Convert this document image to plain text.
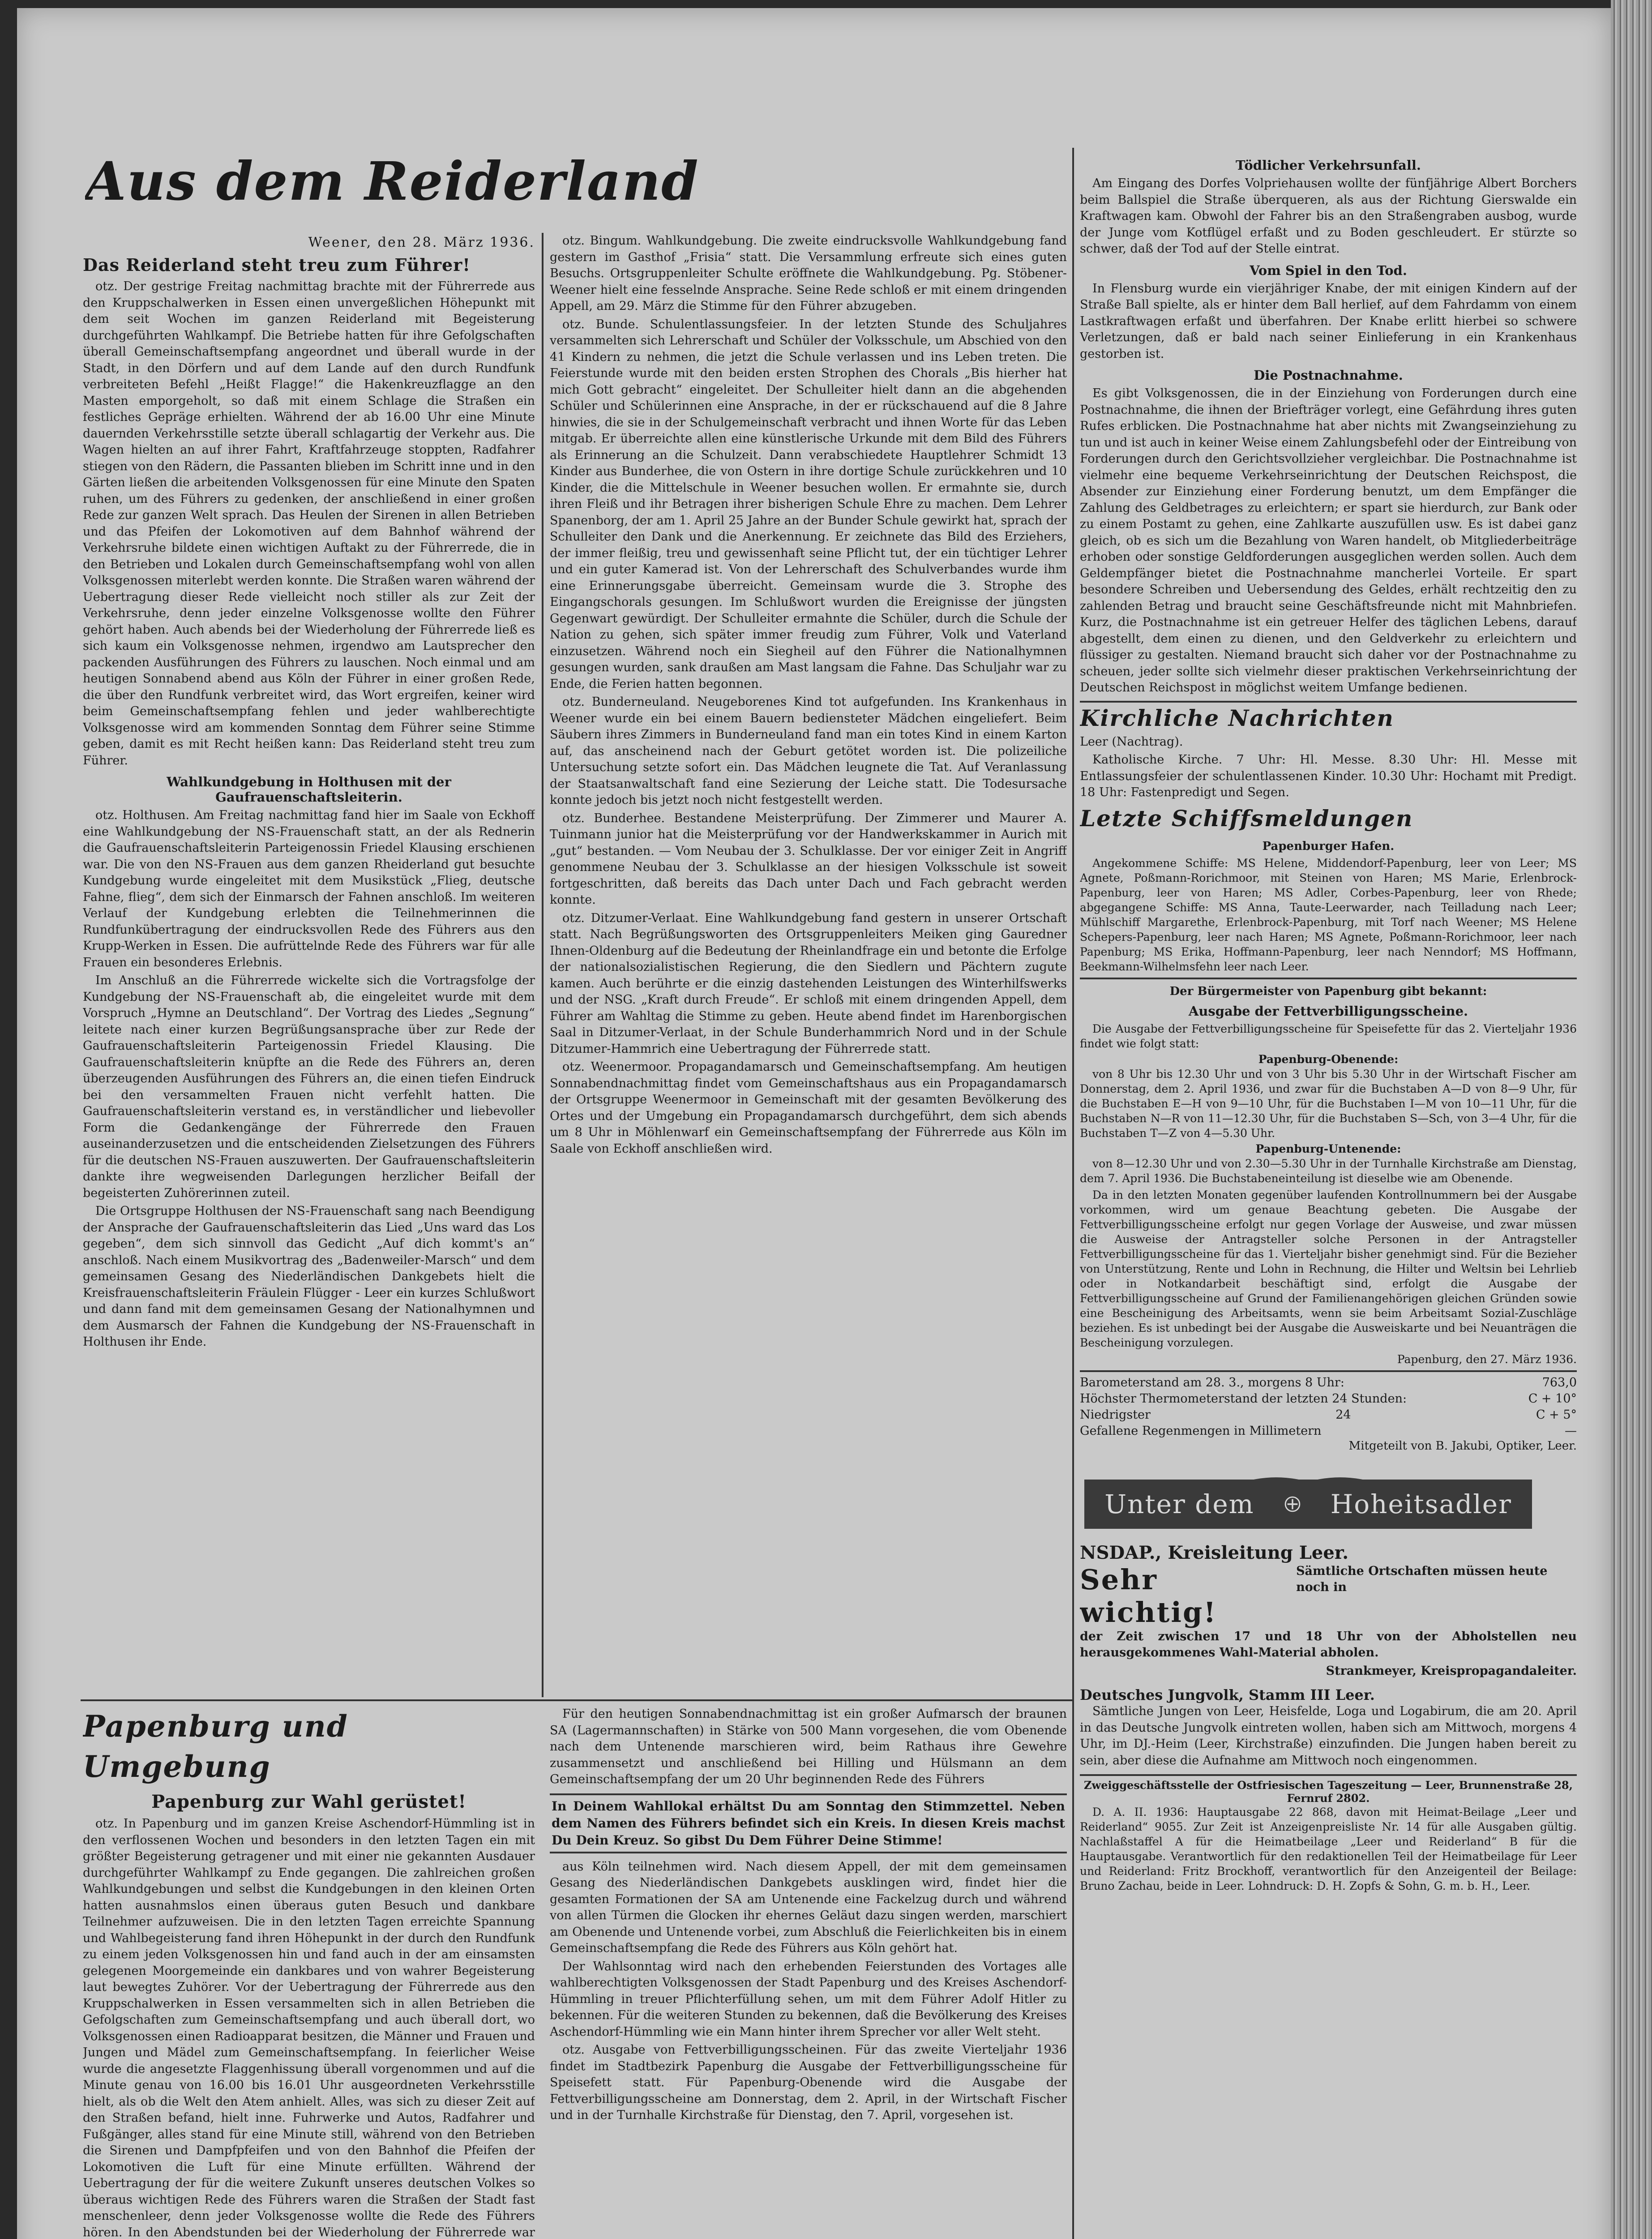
Aus dem Reiderland
Weener, den 28. März 1936.
Das Reiderland steht treu zum Führer!

otz. Der gestrige Freitag nachmittag brachte mit der Führerrede aus den Kruppschalwerken in Essen einen unvergeßlichen Höhepunkt mit dem seit Wochen im ganzen Reiderland mit Begeisterung durchgeführten Wahlkampf. Die Betriebe hatten für ihre Gefolgschaften überall Gemeinschaftsempfang angeordnet und überall wurde in der Stadt, in den Dörfern und auf dem Lande auf den durch Rundfunk verbreiteten Befehl „Heißt Flagge!“ die Hakenkreuzflagge an den Masten emporgeholt, so daß mit einem Schlage die Straßen ein festliches Gepräge erhielten. Während der ab 16.00 Uhr eine Minute dauernden Verkehrsstille setzte überall schlagartig der Verkehr aus. Die Wagen hielten an auf ihrer Fahrt, Kraftfahrzeuge stoppten, Radfahrer stiegen von den Rädern, die Passanten blieben im Schritt inne und in den Gärten ließen die arbeitenden Volksgenossen für eine Minute den Spaten ruhen, um des Führers zu gedenken, der anschließend in einer großen Rede zur ganzen Welt sprach. Das Heulen der Sirenen in allen Betrieben und das Pfeifen der Lokomotiven auf dem Bahnhof während der Verkehrsruhe bildete einen wichtigen Auftakt zu der Führerrede, die in den Betrieben und Lokalen durch Gemeinschaftsempfang wohl von allen Volksgenossen miterlebt werden konnte. Die Straßen waren während der Uebertragung dieser Rede vielleicht noch stiller als zur Zeit der Verkehrsruhe, denn jeder einzelne Volksgenosse wollte den Führer gehört haben. Auch abends bei der Wiederholung der Führerrede ließ es sich kaum ein Volksgenosse nehmen, irgendwo am Lautsprecher den packenden Ausführungen des Führers zu lauschen. Noch einmal und am heutigen Sonnabend abend aus Köln der Führer in einer großen Rede, die über den Rundfunk verbreitet wird, das Wort ergreifen, keiner wird beim Gemeinschaftsempfang fehlen und jeder wahlberechtigte Volksgenosse wird am kommenden Sonntag dem Führer seine Stimme geben, damit es mit Recht heißen kann: Das Reiderland steht treu zum Führer.

Wahlkundgebung in Holthusen mit der Gaufrauenschaftsleiterin.

otz. Holthusen. Am Freitag nachmittag fand hier im Saale von Eckhoff eine Wahlkundgebung der NS-Frauenschaft statt, an der als Rednerin die Gaufrauenschaftsleiterin Parteigenossin Friedel Klausing erschienen war. Die von den NS-Frauen aus dem ganzen Rheiderland gut besuchte Kundgebung wurde eingeleitet mit dem Musikstück „Flieg, deutsche Fahne, flieg“, dem sich der Einmarsch der Fahnen anschloß. Im weiteren Verlauf der Kundgebung erlebten die Teilnehmerinnen die Rundfunkübertragung der eindrucksvollen Rede des Führers aus den Krupp-Werken in Essen. Die aufrüttelnde Rede des Führers war für alle Frauen ein besonderes Erlebnis.

Im Anschluß an die Führerrede wickelte sich die Vortragsfolge der Kundgebung der NS-Frauenschaft ab, die eingeleitet wurde mit dem Vorspruch „Hymne an Deutschland“. Der Vortrag des Liedes „Segnung“ leitete nach einer kurzen Begrüßungsansprache über zur Rede der Gaufrauenschaftsleiterin Parteigenossin Friedel Klausing. Die Gaufrauenschaftsleiterin knüpfte an die Rede des Führers an, deren überzeugenden Ausführungen des Führers an, die einen tiefen Eindruck bei den versammelten Frauen nicht verfehlt hatten. Die Gaufrauenschaftsleiterin verstand es, in verständlicher und liebevoller Form die Gedankengänge der Führerrede den Frauen auseinanderzusetzen und die entscheidenden Zielsetzungen des Führers für die deutschen NS-Frauen auszuwerten. Der Gaufrauenschaftsleiterin dankte ihre wegweisenden Darlegungen herzlicher Beifall der begeisterten Zuhörerinnen zuteil.

Die Ortsgruppe Holthusen der NS-Frauenschaft sang nach Beendigung der Ansprache der Gaufrauenschaftsleiterin das Lied „Uns ward das Los gegeben“, dem sich sinnvoll das Gedicht „Auf dich kommt's an“ anschloß. Nach einem Musikvortrag des „Badenweiler-Marsch“ und dem gemeinsamen Gesang des Niederländischen Dankgebets hielt die Kreisfrauenschaftsleiterin Fräulein Flügger - Leer ein kurzes Schlußwort und dann fand mit dem gemeinsamen Gesang der Nationalhymnen und dem Ausmarsch der Fahnen die Kundgebung der NS-Frauenschaft in Holthusen ihr Ende.

otz. Bingum. Wahlkundgebung. Die zweite eindrucksvolle Wahlkundgebung fand gestern im Gasthof „Frisia“ statt. Die Versammlung erfreute sich eines guten Besuchs. Ortsgruppenleiter Schulte eröffnete die Wahlkundgebung. Pg. Stöbener-Weener hielt eine fesselnde Ansprache. Seine Rede schloß er mit einem dringenden Appell, am 29. März die Stimme für den Führer abzugeben.

otz. Bunde. Schulentlassungsfeier. In der letzten Stunde des Schuljahres versammelten sich Lehrerschaft und Schüler der Volksschule, um Abschied von den 41 Kindern zu nehmen, die jetzt die Schule verlassen und ins Leben treten. Die Feierstunde wurde mit den beiden ersten Strophen des Chorals „Bis hierher hat mich Gott gebracht“ eingeleitet. Der Schulleiter hielt dann an die abgehenden Schüler und Schülerinnen eine Ansprache, in der er rückschauend auf die 8 Jahre hinwies, die sie in der Schulgemeinschaft verbracht und ihnen Worte für das Leben mitgab. Er überreichte allen eine künstlerische Urkunde mit dem Bild des Führers als Erinnerung an die Schulzeit. Dann verabschiedete Hauptlehrer Schmidt 13 Kinder aus Bunderhee, die von Ostern in ihre dortige Schule zurückkehren und 10 Kinder, die die Mittelschule in Weener besuchen wollen. Er ermahnte sie, durch ihren Fleiß und ihr Betragen ihrer bisherigen Schule Ehre zu machen. Dem Lehrer Spanenborg, der am 1. April 25 Jahre an der Bunder Schule gewirkt hat, sprach der Schulleiter den Dank und die Anerkennung. Er zeichnete das Bild des Erziehers, der immer fleißig, treu und gewissenhaft seine Pflicht tut, der ein tüchtiger Lehrer und ein guter Kamerad ist. Von der Lehrerschaft des Schulverbandes wurde ihm eine Erinnerungsgabe überreicht. Gemeinsam wurde die 3. Strophe des Eingangschorals gesungen. Im Schlußwort wurden die Ereignisse der jüngsten Gegenwart gewürdigt. Der Schulleiter ermahnte die Schüler, durch die Schule der Nation zu gehen, sich später immer freudig zum Führer, Volk und Vaterland einzusetzen. Während noch ein Siegheil auf den Führer die Nationalhymnen gesungen wurden, sank draußen am Mast langsam die Fahne. Das Schuljahr war zu Ende, die Ferien hatten begonnen.

otz. Bunderneuland. Neugeborenes Kind tot aufgefunden. Ins Krankenhaus in Weener wurde ein bei einem Bauern bediensteter Mädchen eingeliefert. Beim Säubern ihres Zimmers in Bunderneuland fand man ein totes Kind in einem Karton auf, das anscheinend nach der Geburt getötet worden ist. Die polizeiliche Untersuchung setzte sofort ein. Das Mädchen leugnete die Tat. Auf Veranlassung der Staatsanwaltschaft fand eine Sezierung der Leiche statt. Die Todesursache konnte jedoch bis jetzt noch nicht festgestellt werden.

otz. Bunderhee. Bestandene Meisterprüfung. Der Zimmerer und Maurer A. Tuinmann junior hat die Meisterprüfung vor der Handwerkskammer in Aurich mit „gut“ bestanden. — Vom Neubau der 3. Schulklasse. Der vor einiger Zeit in Angriff genommene Neubau der 3. Schulklasse an der hiesigen Volksschule ist soweit fortgeschritten, daß bereits das Dach unter Dach und Fach gebracht werden konnte.

otz. Ditzumer-Verlaat. Eine Wahlkundgebung fand gestern in unserer Ortschaft statt. Nach Begrüßungsworten des Ortsgruppenleiters Meiken ging Gauredner Ihnen-Oldenburg auf die Bedeutung der Rheinlandfrage ein und betonte die Erfolge der nationalsozialistischen Regierung, die den Siedlern und Pächtern zugute kamen. Auch berührte er die einzig dastehenden Leistungen des Winterhilfswerks und der NSG. „Kraft durch Freude“. Er schloß mit einem dringenden Appell, dem Führer am Wahltag die Stimme zu geben. Heute abend findet im Harenborgischen Saal in Ditzumer-Verlaat, in der Schule Bunderhammrich Nord und in der Schule Ditzumer-Hammrich eine Uebertragung der Führerrede statt.

otz. Weenermoor. Propagandamarsch und Gemeinschaftsempfang. Am heutigen Sonnabendnachmittag findet vom Gemeinschaftshaus aus ein Propagandamarsch der Ortsgruppe Weenermoor in Gemeinschaft mit der gesamten Bevölkerung des Ortes und der Umgebung ein Propagandamarsch durchgeführt, dem sich abends um 8 Uhr in Möhlenwarf ein Gemeinschaftsempfang der Führerrede aus Köln im Saale von Eckhoff anschließen wird.

Papenburg und Umgebung
Papenburg zur Wahl gerüstet!

otz. In Papenburg und im ganzen Kreise Aschendorf-Hümmling ist in den verflossenen Wochen und besonders in den letzten Tagen ein mit größter Begeisterung getragener und mit einer nie gekannten Ausdauer durchgeführter Wahlkampf zu Ende gegangen. Die zahlreichen großen Wahlkundgebungen und selbst die Kundgebungen in den kleinen Orten hatten ausnahmslos einen überaus guten Besuch und dankbare Teilnehmer aufzuweisen. Die in den letzten Tagen erreichte Spannung und Wahlbegeisterung fand ihren Höhepunkt in der durch den Rundfunk zu einem jeden Volksgenossen hin und fand auch in der am einsamsten gelegenen Moorgemeinde ein dankbares und von wahrer Begeisterung laut bewegtes Zuhörer. Vor der Uebertragung der Führerrede aus den Kruppschalwerken in Essen versammelten sich in allen Betrieben die Gefolgschaften zum Gemeinschaftsempfang und auch überall dort, wo Volksgenossen einen Radioapparat besitzen, die Männer und Frauen und Jungen und Mädel zum Gemeinschaftsempfang. In feierlicher Weise wurde die angesetzte Flaggenhissung überall vorgenommen und auf die Minute genau von 16.00 bis 16.01 Uhr ausgeordneten Verkehrsstille hielt, als ob die Welt den Atem anhielt. Alles, was sich zu dieser Zeit auf den Straßen befand, hielt inne. Fuhrwerke und Autos, Radfahrer und Fußgänger, alles stand für eine Minute still, während von den Betrieben die Sirenen und Dampfpfeifen und von den Bahnhof die Pfeifen der Lokomotiven die Luft für eine Minute erfüllten. Während der Uebertragung der für die weitere Zukunft unseres deutschen Volkes so überaus wichtigen Rede des Führers waren die Straßen der Stadt fast menschenleer, denn jeder Volksgenosse wollte die Rede des Führers hören. In den Abendstunden bei der Wiederholung der Führerrede war

Für den heutigen Sonnabendnachmittag ist ein großer Aufmarsch der braunen SA (Lagermannschaften) in Stärke von 500 Mann vorgesehen, die vom Obenende nach dem Untenende marschieren wird, beim Rathaus ihre Gewehre zusammensetzt und anschließend bei Hilling und Hülsmann an dem Gemeinschaftsempfang der um 20 Uhr beginnenden Rede des Führers

In Deinem Wahllokal erhältst Du am Sonntag den Stimmzettel. Neben dem Namen des Führers befindet sich ein Kreis. In diesen Kreis machst Du Dein Kreuz. So gibst Du Dem Führer Deine Stimme!

aus Köln teilnehmen wird. Nach diesem Appell, der mit dem gemeinsamen Gesang des Niederländischen Dankgebets ausklingen wird, findet hier die gesamten Formationen der SA am Untenende eine Fackelzug durch und während von allen Türmen die Glocken ihr ehernes Geläut dazu singen werden, marschiert am Obenende und Untenende vorbei, zum Abschluß die Feierlichkeiten bis in einem Gemeinschaftsempfang die Rede des Führers aus Köln gehört hat.

Der Wahlsonntag wird nach den erhebenden Feierstunden des Vortages alle wahlberechtigten Volksgenossen der Stadt Papenburg und des Kreises Aschendorf-Hümmling in treuer Pflichterfüllung sehen, um mit dem Führer Adolf Hitler zu bekennen. Für die weiteren Stunden zu bekennen, daß die Bevölkerung des Kreises Aschendorf-Hümmling wie ein Mann hinter ihrem Sprecher vor aller Welt steht.

otz. Ausgabe von Fettverbilligungsscheinen. Für das zweite Vierteljahr 1936 findet im Stadtbezirk Papenburg die Ausgabe der Fettverbilligungsscheine für Speisefett statt. Für Papenburg-Obenende wird die Ausgabe der Fettverbilligungsscheine am Donnerstag, dem 2. April, in der Wirtschaft Fischer und in der Turnhalle Kirchstraße für Dienstag, den 7. April, vorgesehen ist.

Tödlicher Verkehrsunfall.

Am Eingang des Dorfes Volpriehausen wollte der fünfjährige Albert Borchers beim Ballspiel die Straße überqueren, als aus der Richtung Gierswalde ein Kraftwagen kam. Obwohl der Fahrer bis an den Straßengraben ausbog, wurde der Junge vom Kotflügel erfaßt und zu Boden geschleudert. Er stürzte so schwer, daß der Tod auf der Stelle eintrat.

Vom Spiel in den Tod.

In Flensburg wurde ein vierjähriger Knabe, der mit einigen Kindern auf der Straße Ball spielte, als er hinter dem Ball herlief, auf dem Fahrdamm von einem Lastkraftwagen erfaßt und überfahren. Der Knabe erlitt hierbei so schwere Verletzungen, daß er bald nach seiner Einlieferung in ein Krankenhaus gestorben ist.

Die Postnachnahme.

Es gibt Volksgenossen, die in der Einziehung von Forderungen durch eine Postnachnahme, die ihnen der Briefträger vorlegt, eine Gefährdung ihres guten Rufes erblicken. Die Postnachnahme hat aber nichts mit Zwangseinziehung zu tun und ist auch in keiner Weise einem Zahlungsbefehl oder der Eintreibung von Forderungen durch den Gerichtsvollzieher vergleichbar. Die Postnachnahme ist vielmehr eine bequeme Verkehrseinrichtung der Deutschen Reichspost, die Absender zur Einziehung einer Forderung benutzt, um dem Empfänger die Zahlung des Geldbetrages zu erleichtern; er spart sie hierdurch, zur Bank oder zu einem Postamt zu gehen, eine Zahlkarte auszufüllen usw. Es ist dabei ganz gleich, ob es sich um die Bezahlung von Waren handelt, ob Mitgliederbeiträge erhoben oder sonstige Geldforderungen ausgeglichen werden sollen. Auch dem Geldempfänger bietet die Postnachnahme mancherlei Vorteile. Er spart besondere Schreiben und Uebersendung des Geldes, erhält rechtzeitig den zu zahlenden Betrag und braucht seine Geschäftsfreunde nicht mit Mahnbriefen. Kurz, die Postnachnahme ist ein getreuer Helfer des täglichen Lebens, darauf abgestellt, dem einen zu dienen, und den Geldverkehr zu erleichtern und flüssiger zu gestalten. Niemand braucht sich daher vor der Postnachnahme zu scheuen, jeder sollte sich vielmehr dieser praktischen Verkehrseinrichtung der Deutschen Reichspost in möglichst weitem Umfange bedienen.

Kirchliche Nachrichten

Leer (Nachtrag).

Katholische Kirche. 7 Uhr: Hl. Messe. 8.30 Uhr: Hl. Messe mit Entlassungsfeier der schulentlassenen Kinder. 10.30 Uhr: Hochamt mit Predigt. 18 Uhr: Fastenpredigt und Segen.

Letzte Schiffsmeldungen
Papenburger Hafen.

Angekommene Schiffe: MS Helene, Middendorf-Papenburg, leer von Leer; MS Agnete, Poßmann-Rorichmoor, mit Steinen von Haren; MS Marie, Erlenbrock-Papenburg, leer von Haren; MS Adler, Corbes-Papenburg, leer von Rhede; abgegangene Schiffe: MS Anna, Taute-Leerwarder, nach Teilladung nach Leer; Mühlschiff Margarethe, Erlenbrock-Papenburg, mit Torf nach Weener; MS Helene Schepers-Papenburg, leer nach Haren; MS Agnete, Poßmann-Rorichmoor, leer nach Papenburg; MS Erika, Hoffmann-Papenburg, leer nach Nenndorf; MS Hoffmann, Beekmann-Wilhelmsfehn leer nach Leer.

Der Bürgermeister von Papenburg gibt bekannt:
Ausgabe der Fettverbilligungsscheine.

Die Ausgabe der Fettverbilligungsscheine für Speisefette für das 2. Vierteljahr 1936 findet wie folgt statt:

Papenburg-Obenende:

von 8 Uhr bis 12.30 Uhr und von 3 Uhr bis 5.30 Uhr in der Wirtschaft Fischer am Donnerstag, dem 2. April 1936, und zwar für die Buchstaben A—D von 8—9 Uhr, für die Buchstaben E—H von 9—10 Uhr, für die Buchstaben I—M von 10—11 Uhr, für die Buchstaben N—R von 11—12.30 Uhr, für die Buchstaben S—Sch, von 3—4 Uhr, für die Buchstaben T—Z von 4—5.30 Uhr.

Papenburg-Untenende:

von 8—12.30 Uhr und von 2.30—5.30 Uhr in der Turnhalle Kirchstraße am Dienstag, dem 7. April 1936. Die Buchstabeneinteilung ist dieselbe wie am Obenende.

Da in den letzten Monaten gegenüber laufenden Kontrollnummern bei der Ausgabe vorkommen, wird um genaue Beachtung gebeten. Die Ausgabe der Fettverbilligungsscheine erfolgt nur gegen Vorlage der Ausweise, und zwar müssen die Ausweise der Antragsteller solche Personen in der Antragsteller Fettverbilligungsscheine für das 1. Vierteljahr bisher genehmigt sind. Für die Bezieher von Unterstützung, Rente und Lohn in Rechnung, die Hilter und Weltsin bei Lehrlieb oder in Notkandarbeit beschäftigt sind, erfolgt die Ausgabe der Fettverbilligungsscheine auf Grund der Familienangehörigen gleichen Gründen sowie eine Bescheinigung des Arbeitsamts, wenn sie beim Arbeitsamt Sozial-Zuschläge beziehen. Es ist unbedingt bei der Ausgabe die Ausweiskarte und bei Neuanträgen die Bescheinigung vorzulegen.

Papenburg, den 27. März 1936.

Barometerstand am 28. 3., morgens 8 Uhr:	763,0
Höchster Thermometerstand der letzten 24 Stunden:	C + 10°
Niedrigster	24	C + 5°
Gefallene Regenmengen in Millimetern	—
Mitgeteilt von B. Jakubi, Optiker, Leer.
Unter dem	Hoheitsadler
NSDAP., Kreisleitung Leer.
Sehr wichtig!
Sämtliche Ortschaften müssen heute noch in

der Zeit zwischen 17 und 18 Uhr von der Abholstellen neu herausgekommenes Wahl-Material abholen.

Strankmeyer, Kreispropagandaleiter.

Deutsches Jungvolk, Stamm III Leer.

Sämtliche Jungen von Leer, Heisfelde, Loga und Logabirum, die am 20. April in das Deutsche Jungvolk eintreten wollen, haben sich am Mittwoch, morgens 4 Uhr, im DJ.-Heim (Leer, Kirchstraße) einzufinden. Die Jungen haben bereit zu sein, aber diese die Aufnahme am Mittwoch noch eingenommen.

Zweiggeschäftsstelle der Ostfriesischen Tageszeitung — Leer, Brunnenstraße 28, Fernruf 2802.

D. A. II. 1936: Hauptausgabe 22 868, davon mit Heimat-Beilage „Leer und Reiderland“ 9055. Zur Zeit ist Anzeigenpreisliste Nr. 14 für alle Ausgaben gültig. Nachlaßstaffel A für die Heimatbeilage „Leer und Reiderland“ B für die Hauptausgabe. Verantwortlich für den redaktionellen Teil der Heimatbeilage für Leer und Reiderland: Fritz Brockhoff, verantwortlich für den Anzeigenteil der Beilage: Bruno Zachau, beide in Leer. Lohndruck: D. H. Zopfs & Sohn, G. m. b. H., Leer.
